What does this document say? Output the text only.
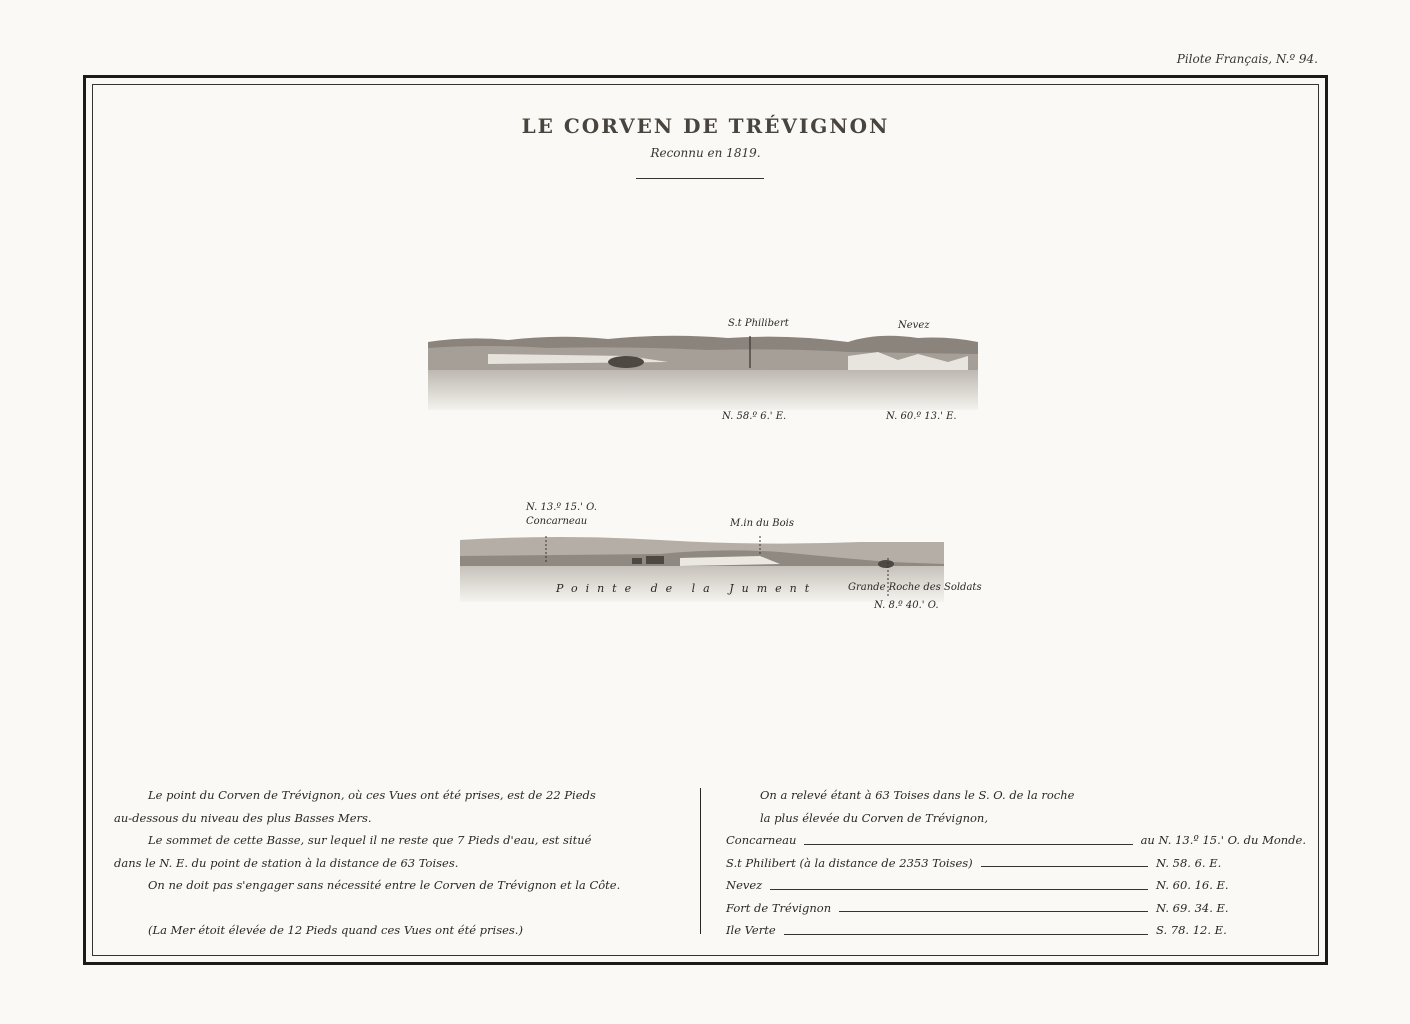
Pilote Français, N.º 94.
LE CORVEN DE TRÉVIGNON
Reconnu en 1819.
S.t Philibert	Nevez
N. 58.º 6.' E.	N. 60.º 13.' E.
N. 13.º 15.' O.
Concarneau	M.in du Bois
Pointe de la Jument	Grande Roche des Soldats
N. 8.º 40.' O.

Le point du Corven de Trévignon, où ces Vues ont été prises, est de 22 Pieds

au-dessous du niveau des plus Basses Mers.

Le sommet de cette Basse, sur lequel il ne reste que 7 Pieds d'eau, est situé

dans le N. E. du point de station à la distance de 63 Toises.

On ne doit pas s'engager sans nécessité entre le Corven de Trévignon et la Côte.

(La Mer étoit élevée de 12 Pieds quand ces Vues ont été prises.)

On a relevé étant à 63 Toises dans le S. O. de la roche

la plus élevée du Corven de Trévignon,

Concarneau	au N. 13.º 15.' O. du Monde.
S.t Philibert (à la distance de 2353 Toises)	N. 58. 6. E.
Nevez	N. 60. 16. E.
Fort de Trévignon	N. 69. 34. E.
Ile Verte	S. 78. 12. E.
